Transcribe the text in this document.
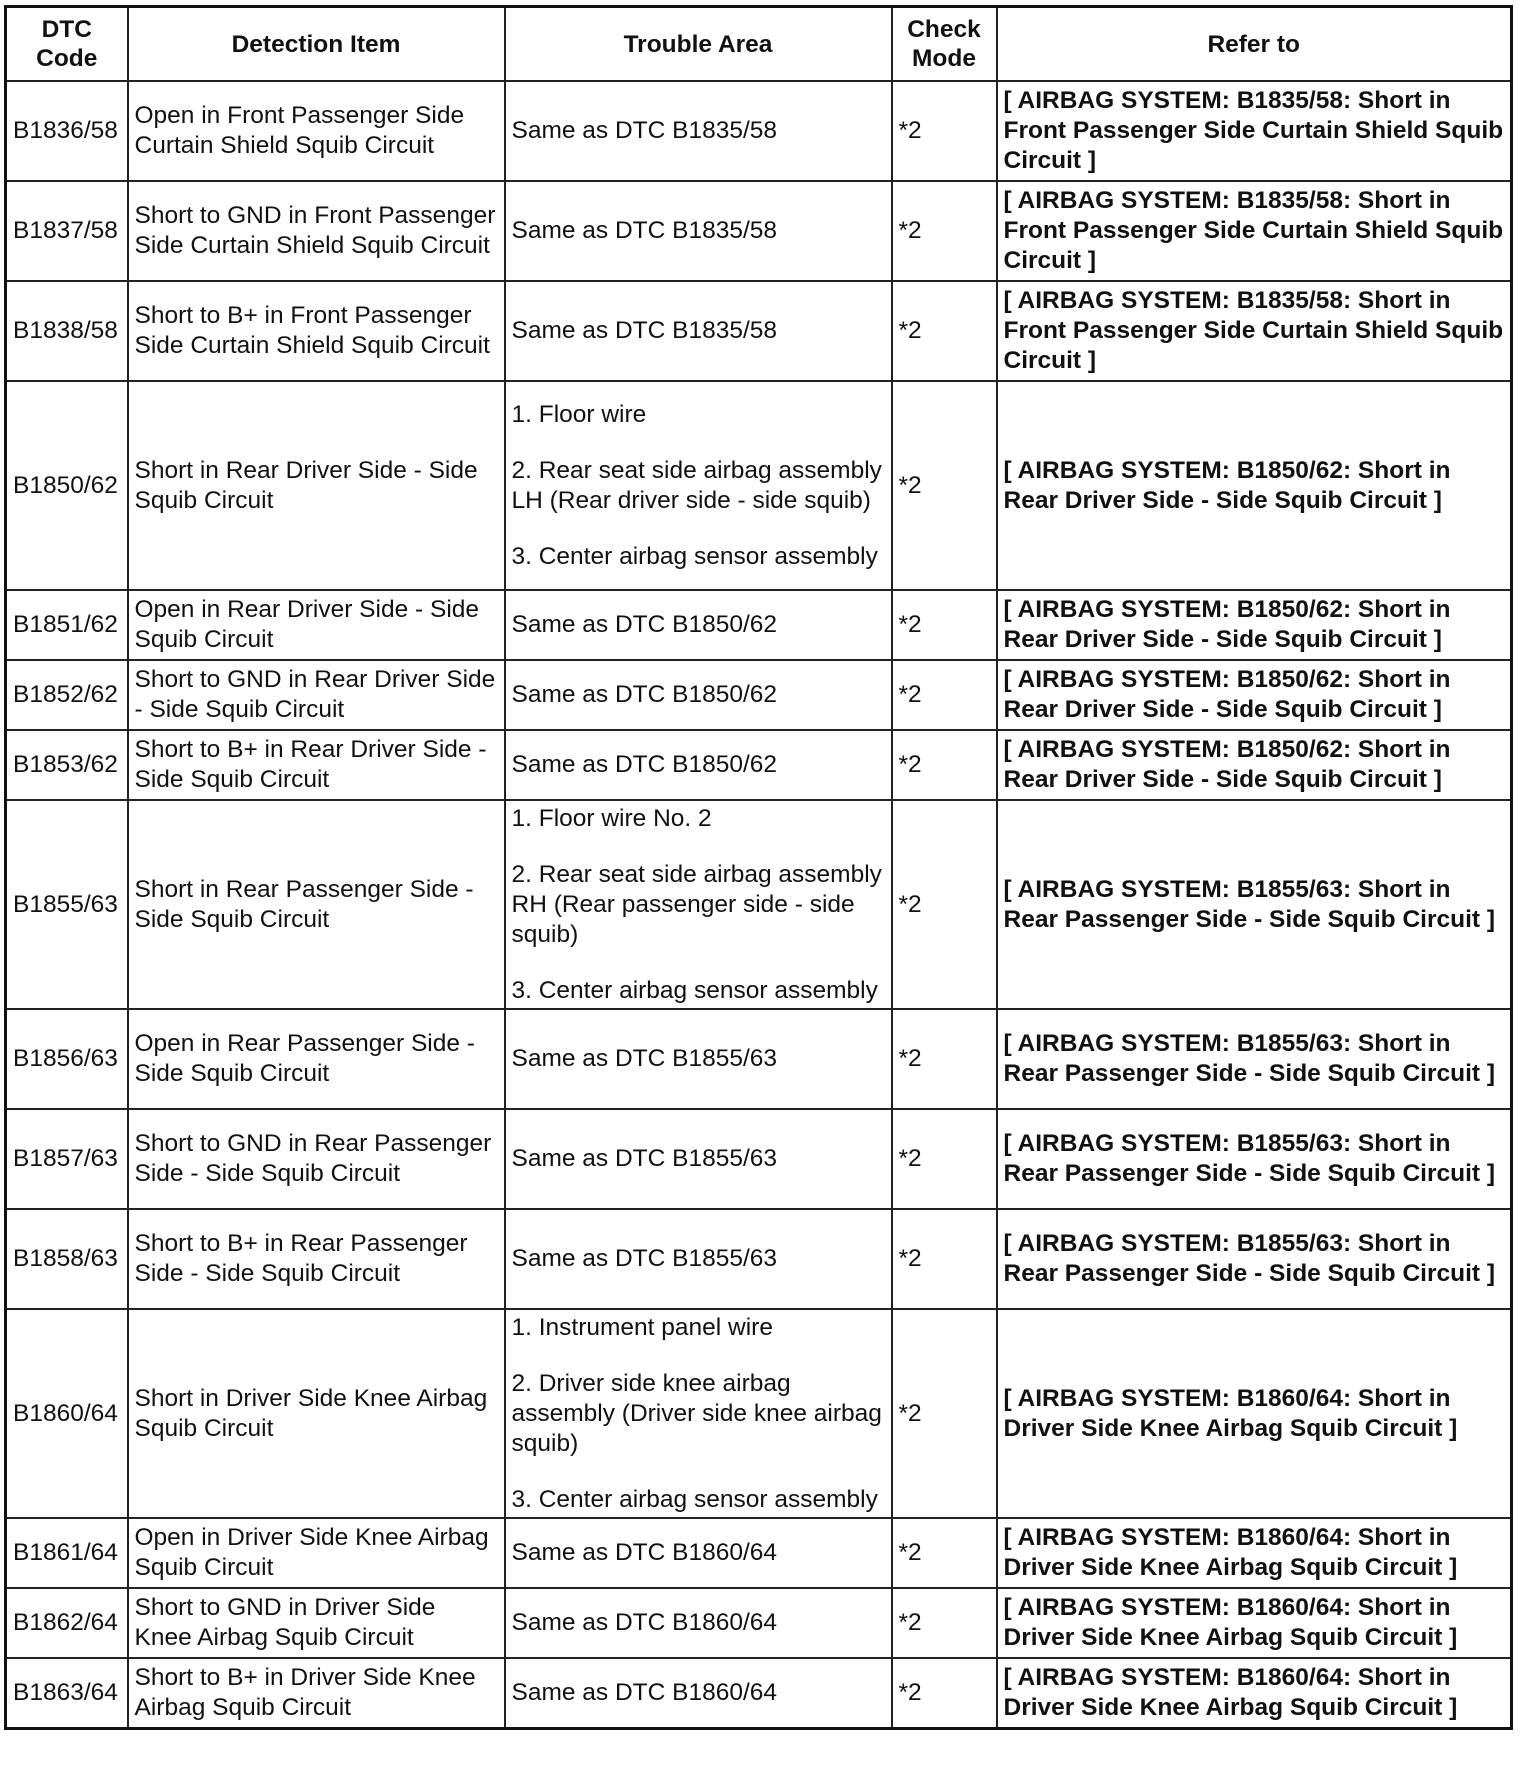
DTC Code	Detection Item	Trouble Area	Check Mode	Refer to
B1836/58	Open in Front Passenger Side Curtain Shield Squib Circuit	Same as DTC B1835/58	*2	[ AIRBAG SYSTEM: B1835/58: Short in Front Passenger Side Curtain Shield Squib Circuit ]
B1837/58	Short to GND in Front Passenger Side Curtain Shield Squib Circuit	Same as DTC B1835/58	*2	[ AIRBAG SYSTEM: B1835/58: Short in Front Passenger Side Curtain Shield Squib Circuit ]
B1838/58	Short to B+ in Front Passenger Side Curtain Shield Squib Circuit	Same as DTC B1835/58	*2	[ AIRBAG SYSTEM: B1835/58: Short in Front Passenger Side Curtain Shield Squib Circuit ]
B1850/62	Short in Rear Driver Side - Side Squib Circuit	1. Floor wire
2. Rear seat side airbag assembly LH (Rear driver side - side squib)
3. Center airbag sensor assembly	*2	[ AIRBAG SYSTEM: B1850/62: Short in Rear Driver Side - Side Squib Circuit ]
B1851/62	Open in Rear Driver Side - Side Squib Circuit	Same as DTC B1850/62	*2	[ AIRBAG SYSTEM: B1850/62: Short in Rear Driver Side - Side Squib Circuit ]
B1852/62	Short to GND in Rear Driver Side - Side Squib Circuit	Same as DTC B1850/62	*2	[ AIRBAG SYSTEM: B1850/62: Short in Rear Driver Side - Side Squib Circuit ]
B1853/62	Short to B+ in Rear Driver Side - Side Squib Circuit	Same as DTC B1850/62	*2	[ AIRBAG SYSTEM: B1850/62: Short in Rear Driver Side - Side Squib Circuit ]
B1855/63	Short in Rear Passenger Side - Side Squib Circuit	1. Floor wire No. 2
2. Rear seat side airbag assembly RH (Rear passenger side - side squib)
3. Center airbag sensor assembly	*2	[ AIRBAG SYSTEM: B1855/63: Short in Rear Passenger Side - Side Squib Circuit ]
B1856/63	Open in Rear Passenger Side - Side Squib Circuit	Same as DTC B1855/63	*2	[ AIRBAG SYSTEM: B1855/63: Short in Rear Passenger Side - Side Squib Circuit ]
B1857/63	Short to GND in Rear Passenger Side - Side Squib Circuit	Same as DTC B1855/63	*2	[ AIRBAG SYSTEM: B1855/63: Short in Rear Passenger Side - Side Squib Circuit ]
B1858/63	Short to B+ in Rear Passenger Side - Side Squib Circuit	Same as DTC B1855/63	*2	[ AIRBAG SYSTEM: B1855/63: Short in Rear Passenger Side - Side Squib Circuit ]
B1860/64	Short in Driver Side Knee Airbag Squib Circuit	1. Instrument panel wire
2. Driver side knee airbag assembly (Driver side knee airbag squib)
3. Center airbag sensor assembly	*2	[ AIRBAG SYSTEM: B1860/64: Short in Driver Side Knee Airbag Squib Circuit ]
B1861/64	Open in Driver Side Knee Airbag Squib Circuit	Same as DTC B1860/64	*2	[ AIRBAG SYSTEM: B1860/64: Short in Driver Side Knee Airbag Squib Circuit ]
B1862/64	Short to GND in Driver Side Knee Airbag Squib Circuit	Same as DTC B1860/64	*2	[ AIRBAG SYSTEM: B1860/64: Short in Driver Side Knee Airbag Squib Circuit ]
B1863/64	Short to B+ in Driver Side Knee Airbag Squib Circuit	Same as DTC B1860/64	*2	[ AIRBAG SYSTEM: B1860/64: Short in Driver Side Knee Airbag Squib Circuit ]
